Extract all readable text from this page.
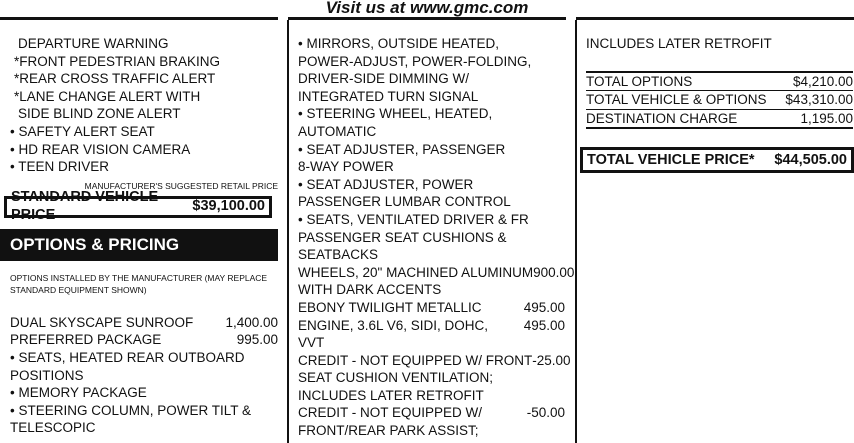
Visit us at www.gmc.com
DEPARTURE WARNING
*FRONT PEDESTRIAN BRAKING
*REAR CROSS TRAFFIC ALERT
*LANE CHANGE ALERT WITH
SIDE BLIND ZONE ALERT
• SAFETY ALERT SEAT
• HD REAR VISION CAMERA
• TEEN DRIVER
MANUFACTURER'S SUGGESTED RETAIL PRICE
STANDARD VEHICLE PRICE
$39,100.00
OPTIONS & PRICING
OPTIONS INSTALLED BY THE MANUFACTURER (MAY REPLACE STANDARD EQUIPMENT SHOWN)
DUAL SKYSCAPE SUNROOF 1,400.00
PREFERRED PACKAGE	995.00
• SEATS, HEATED REAR OUTBOARD
POSITIONS
• MEMORY PACKAGE
• STEERING COLUMN, POWER TILT &
TELESCOPIC
• MIRRORS, OUTSIDE HEATED,
POWER-ADJUST, POWER-FOLDING,
DRIVER-SIDE DIMMING W/
INTEGRATED TURN SIGNAL
• STEERING WHEEL, HEATED,
AUTOMATIC
• SEAT ADJUSTER, PASSENGER
8-WAY POWER
• SEAT ADJUSTER, POWER
PASSENGER LUMBAR CONTROL
• SEATS, VENTILATED DRIVER & FR
PASSENGER SEAT CUSHIONS &
SEATBACKS
WHEELS, 20" MACHINED ALUMINUM 900.00
WITH DARK ACCENTS
EBONY TWILIGHT METALLIC	495.00
ENGINE, 3.6L V6, SIDI, DOHC,	495.00
VVT
CREDIT - NOT EQUIPPED W/ FRONT -25.00
SEAT CUSHION VENTILATION;
INCLUDES LATER RETROFIT
CREDIT - NOT EQUIPPED W/	-50.00
FRONT/REAR PARK ASSIST;
INCLUDES LATER RETROFIT
TOTAL OPTIONS	$4,210.00
TOTAL VEHICLE & OPTIONS $43,310.00
DESTINATION CHARGE	1,195.00
TOTAL VEHICLE PRICE* $44,505.00
